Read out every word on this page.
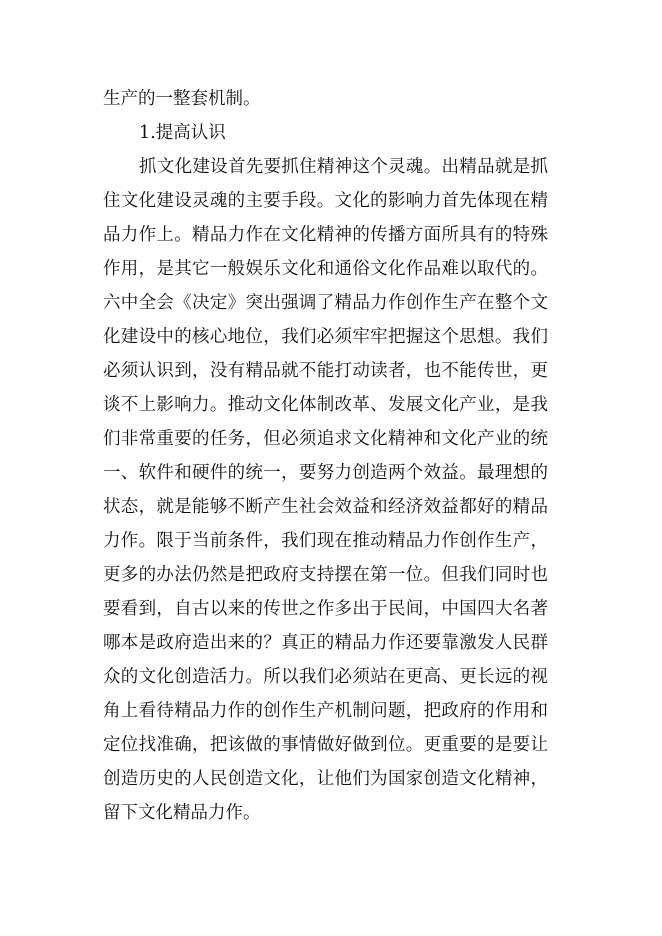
生产的一整套机制。
1.提高认识
抓文化建设首先要抓住精神这个灵魂。出精品就是抓
住文化建设灵魂的主要手段。文化的影响力首先体现在精
品力作上。精品力作在文化精神的传播方面所具有的特殊
作用，是其它一般娱乐文化和通俗文化作品难以取代的。
六中全会《决定》突出强调了精品力作创作生产在整个文
化建设中的核心地位，我们必须牢牢把握这个思想。我们
必须认识到，没有精品就不能打动读者，也不能传世，更
谈不上影响力。推动文化体制改革、发展文化产业，是我
们非常重要的任务，但必须追求文化精神和文化产业的统
一、软件和硬件的统一，要努力创造两个效益。最理想的
状态，就是能够不断产生社会效益和经济效益都好的精品
力作。限于当前条件，我们现在推动精品力作创作生产，
更多的办法仍然是把政府支持摆在第一位。但我们同时也
要看到，自古以来的传世之作多出于民间，中国四大名著
哪本是政府造出来的？真正的精品力作还要靠激发人民群
众的文化创造活力。所以我们必须站在更高、更长远的视
角上看待精品力作的创作生产机制问题，把政府的作用和
定位找准确，把该做的事情做好做到位。更重要的是要让
创造历史的人民创造文化，让他们为国家创造文化精神，
留下文化精品力作。
